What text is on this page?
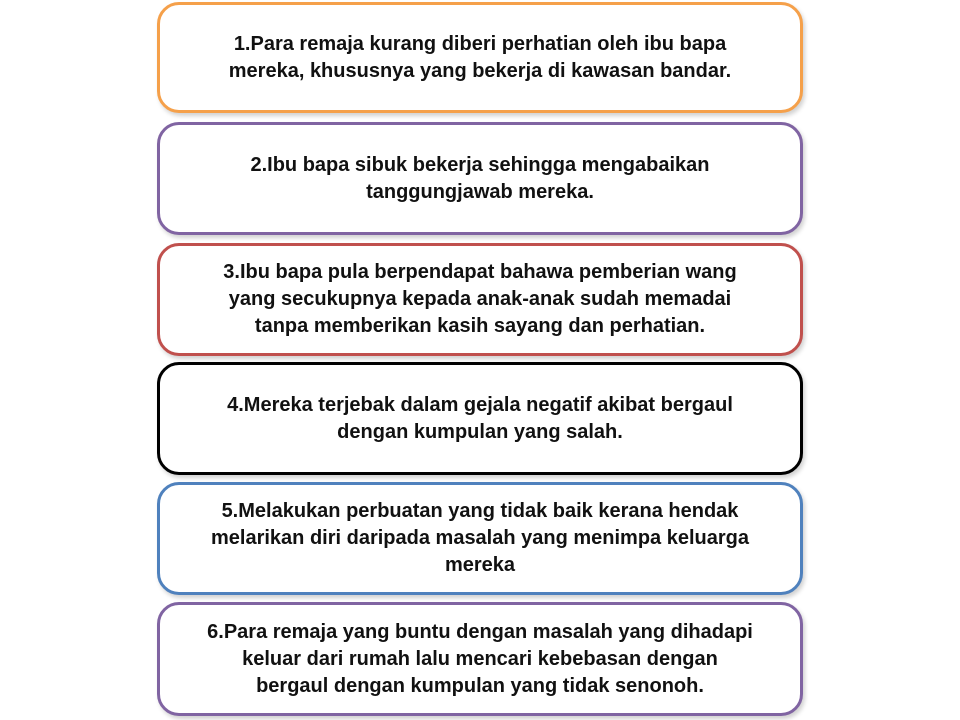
1.Para remaja kurang diberi perhatian oleh ibu bapa
mereka, khususnya yang bekerja di kawasan bandar.
2.Ibu bapa sibuk bekerja sehingga mengabaikan
tanggungjawab mereka.
3.Ibu bapa pula berpendapat bahawa pemberian wang
yang secukupnya kepada anak-anak sudah memadai
tanpa memberikan kasih sayang dan perhatian.
4.Mereka terjebak dalam gejala negatif akibat bergaul
dengan kumpulan yang salah.
5.Melakukan perbuatan yang tidak baik kerana hendak
melarikan diri daripada masalah yang menimpa keluarga
mereka
6.Para remaja yang buntu dengan masalah yang dihadapi
keluar dari rumah lalu mencari kebebasan dengan
bergaul dengan kumpulan yang tidak senonoh.
